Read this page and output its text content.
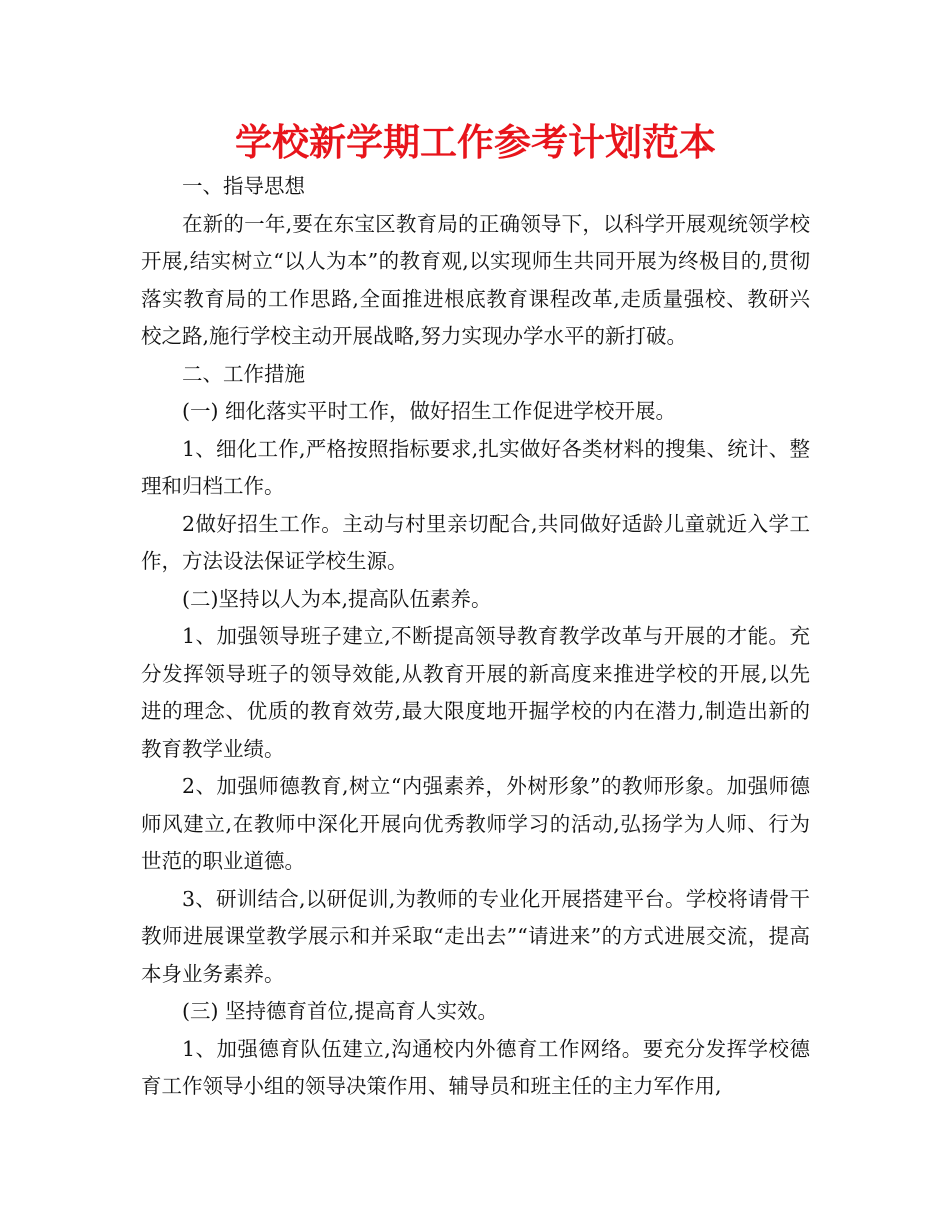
学校新学期工作参考计划范本

一、指导思想

在新的一年,要在东宝区教育局的正确领导下，以科学开展观统领学校开展,结实树立“以人为本”的教育观,以实现师生共同开展为终极目的,贯彻落实教育局的工作思路,全面推进根底教育课程改革,走质量强校、教研兴校之路,施行学校主动开展战略,努力实现办学水平的新打破。

二、工作措施

(一) 细化落实平时工作，做好招生工作促进学校开展。

1、细化工作,严格按照指标要求,扎实做好各类材料的搜集、统计、整理和归档工作。

2做好招生工作。主动与村里亲切配合,共同做好适龄儿童就近入学工作，方法设法保证学校生源。

(二)坚持以人为本,提高队伍素养。

1、加强领导班子建立,不断提高领导教育教学改革与开展的才能。充分发挥领导班子的领导效能,从教育开展的新高度来推进学校的开展,以先进的理念、优质的教育效劳,最大限度地开掘学校的内在潜力,制造出新的教育教学业绩。

2、加强师德教育,树立“内强素养，外树形象”的教师形象。加强师德师风建立,在教师中深化开展向优秀教师学习的活动,弘扬学为人师、行为世范的职业道德。

3、研训结合,以研促训,为教师的专业化开展搭建平台。学校将请骨干教师进展课堂教学展示和并采取“走出去”“请进来”的方式进展交流，提高本身业务素养。

(三) 坚持德育首位,提高育人实效。

1、加强德育队伍建立,沟通校内外德育工作网络。要充分发挥学校德育工作领导小组的领导决策作用、辅导员和班主任的主力军作用,
